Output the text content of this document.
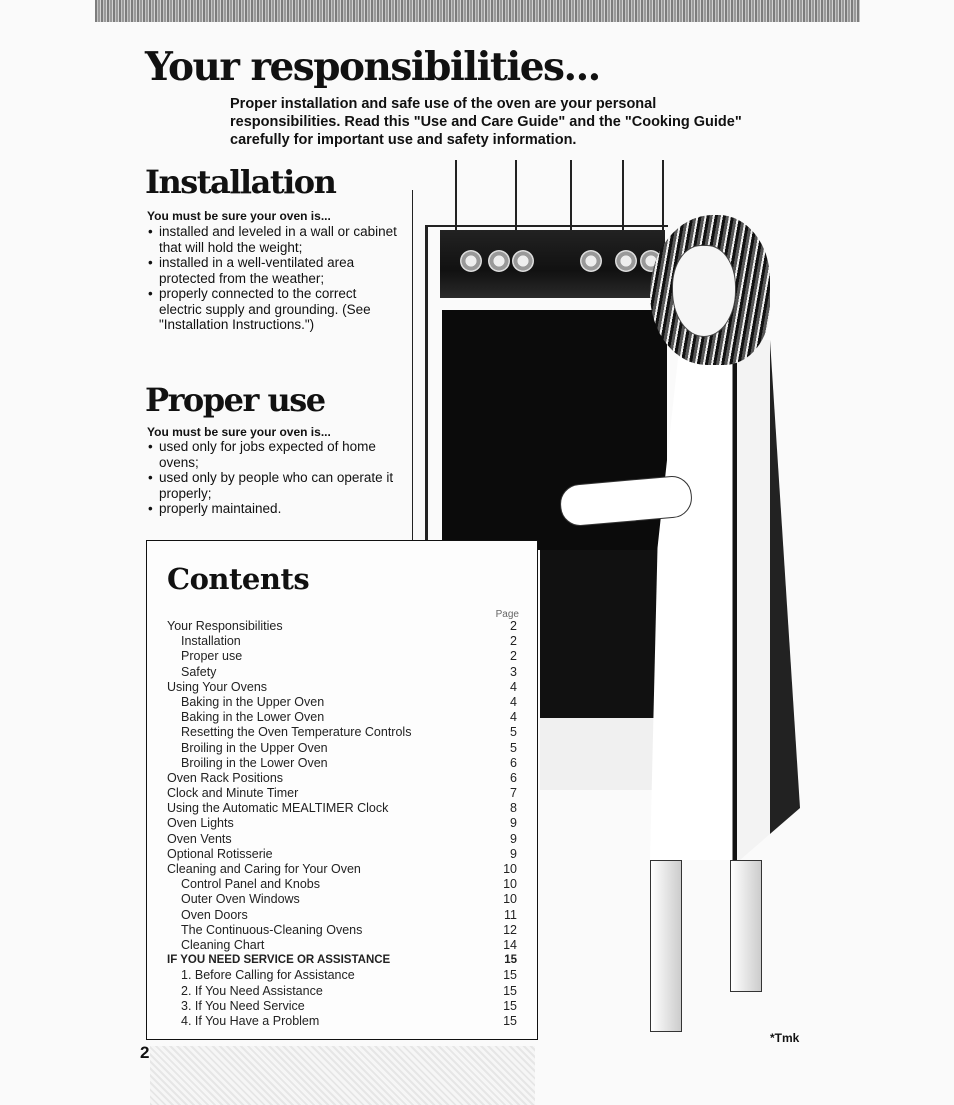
Your responsibilities...

Proper installation and safe use of the oven are your personal responsibilities. Read this "Use and Care Guide" and the "Cooking Guide" carefully for important use and safety information.

Installation

You must be sure your oven is...

• installed and leveled in a wall or cabinet that will hold the weight;
• installed in a well-ventilated area protected from the weather;
• properly connected to the correct electric supply and grounding. (See "Installation Instructions.")
Proper use

You must be sure your oven is...

• used only for jobs expected of home ovens;
• used only by people who can operate it properly;
• properly maintained.
Contents
Page
Your Responsibilities	2
Installation	2
Proper use	2
Safety	3
Using Your Ovens	4
Baking in the Upper Oven	4
Baking in the Lower Oven	4
Resetting the Oven Temperature Controls	5
Broiling in the Upper Oven	5
Broiling in the Lower Oven	6
Oven Rack Positions	6
Clock and Minute Timer	7
Using the Automatic MEALTIMER Clock	8
Oven Lights	9
Oven Vents	9
Optional Rotisserie	9
Cleaning and Caring for Your Oven	10
Control Panel and Knobs	10
Outer Oven Windows	10
Oven Doors	11
The Continuous-Cleaning Ovens	12
Cleaning Chart	14
IF YOU NEED SERVICE OR ASSISTANCE	15
1. Before Calling for Assistance	15
2. If You Need Assistance	15
3. If You Need Service	15
4. If You Have a Problem	15
*Tmk

2
